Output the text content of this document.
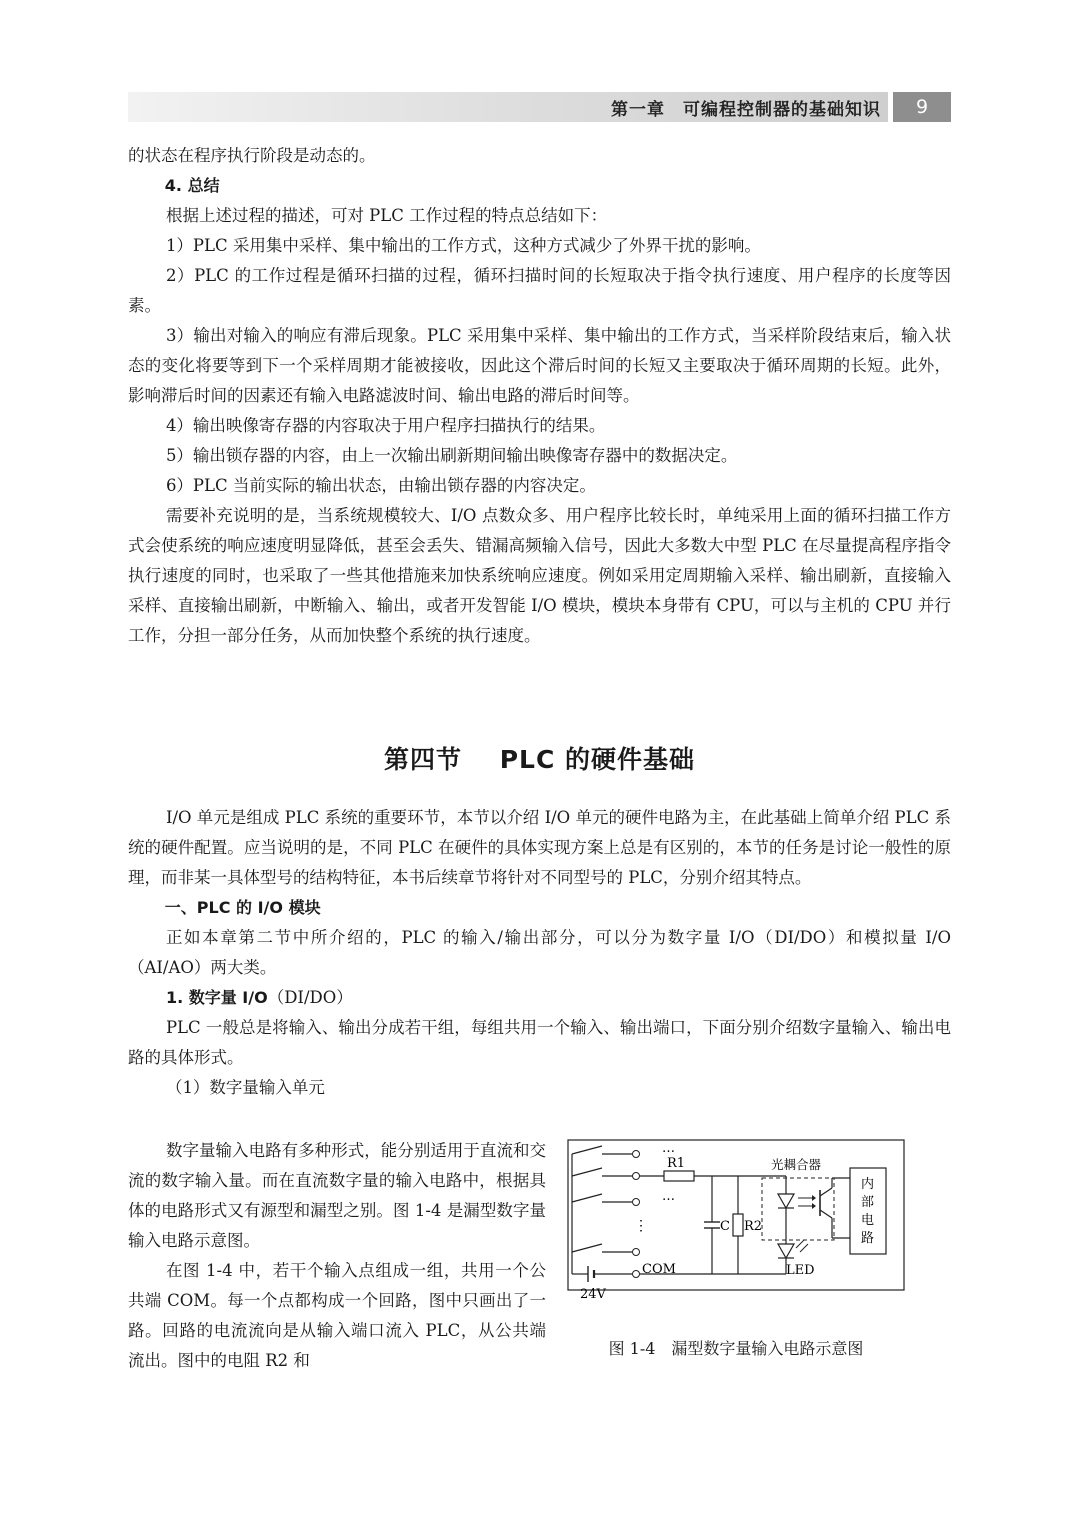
第一章　可编程控制器的基础知识	9

的状态在程序执行阶段是动态的。

4. 总结

根据上述过程的描述，可对 PLC 工作过程的特点总结如下：

1）PLC 采用集中采样、集中输出的工作方式，这种方式减少了外界干扰的影响。

2）PLC 的工作过程是循环扫描的过程，循环扫描时间的长短取决于指令执行速度、用户程序的长度等因素。

3）输出对输入的响应有滞后现象。PLC 采用集中采样、集中输出的工作方式，当采样阶段结束后，输入状态的变化将要等到下一个采样周期才能被接收，因此这个滞后时间的长短又主要取决于循环周期的长短。此外，影响滞后时间的因素还有输入电路滤波时间、输出电路的滞后时间等。

4）输出映像寄存器的内容取决于用户程序扫描执行的结果。

5）输出锁存器的内容，由上一次输出刷新期间输出映像寄存器中的数据决定。

6）PLC 当前实际的输出状态，由输出锁存器的内容决定。

需要补充说明的是，当系统规模较大、I/O 点数众多、用户程序比较长时，单纯采用上面的循环扫描工作方式会使系统的响应速度明显降低，甚至会丢失、错漏高频输入信号，因此大多数大中型 PLC 在尽量提高程序指令执行速度的同时，也采取了一些其他措施来加快系统响应速度。例如采用定周期输入采样、输出刷新，直接输入采样、直接输出刷新，中断输入、输出，或者开发智能 I/O 模块，模块本身带有 CPU，可以与主机的 CPU 并行工作，分担一部分任务，从而加快整个系统的执行速度。

第四节 PLC 的硬件基础

I/O 单元是组成 PLC 系统的重要环节，本节以介绍 I/O 单元的硬件电路为主，在此基础上简单介绍 PLC 系统的硬件配置。应当说明的是，不同 PLC 在硬件的具体实现方案上总是有区别的，本节的任务是讨论一般性的原理，而非某一具体型号的结构特征，本书后续章节将针对不同型号的 PLC，分别介绍其特点。

一、PLC 的 I/O 模块

正如本章第二节中所介绍的，PLC 的输入/输出部分，可以分为数字量 I/O（DI/DO）和模拟量 I/O（AI/AO）两大类。

1. 数字量 I/O（DI/DO）

PLC 一般总是将输入、输出分成若干组，每组共用一个输入、输出端口，下面分别介绍数字量输入、输出电路的具体形式。

（1）数字量输入单元

数字量输入电路有多种形式，能分别适用于直流和交流的数字输入量。而在直流数字量的输入电路中，根据具体的电路形式又有源型和漏型之别。图 1-4 是漏型数字量输入电路示意图。

在图 1-4 中，若干个输入点组成一组，共用一个公共端 COM。每一个点都构成一个回路，图中只画出了一路。回路的电流流向是从输入端口流入 PLC，从公共端流出。图中的电阻 R2 和

…
…
⋮
R1
C R2
光耦合器
LED
内
部
电
路
COM
24V
图 1-4　漏型数字量输入电路示意图
